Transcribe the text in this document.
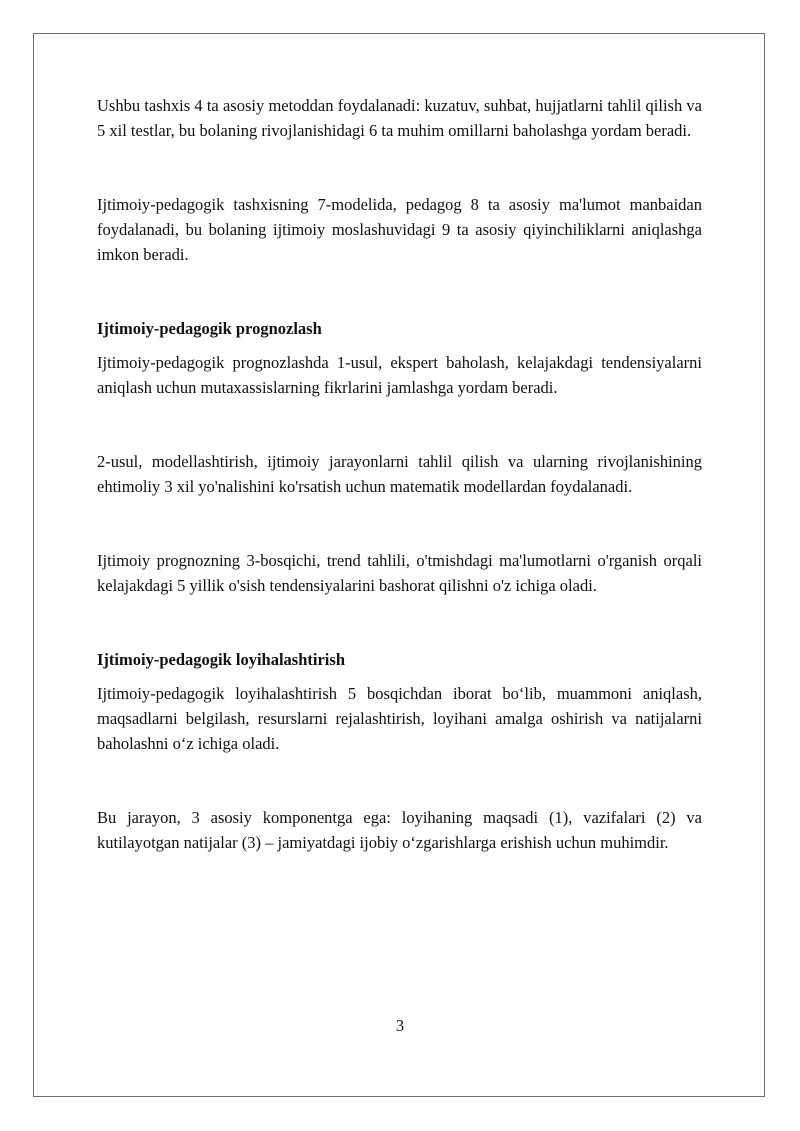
Ushbu tashxis 4 ta asosiy metoddan foydalanadi: kuzatuv, suhbat, hujjatlarni tahlil qilish va 5 xil testlar, bu bolaning rivojlanishidagi 6 ta muhim omillarni baholashga yordam beradi.

Ijtimoiy-pedagogik tashxisning 7-modelida, pedagog 8 ta asosiy ma'lumot manbaidan foydalanadi, bu bolaning ijtimoiy moslashuvidagi 9 ta asosiy qiyinchiliklarni aniqlashga imkon beradi.

Ijtimoiy-pedagogik prognozlash

Ijtimoiy-pedagogik prognozlashda 1-usul, ekspert baholash, kelajakdagi tendensiyalarni aniqlash uchun mutaxassislarning fikrlarini jamlashga yordam beradi.

2-usul, modellashtirish, ijtimoiy jarayonlarni tahlil qilish va ularning rivojlanishining ehtimoliy 3 xil yo'nalishini ko'rsatish uchun matematik modellardan foydalanadi.

Ijtimoiy prognozning 3-bosqichi, trend tahlili, o'tmishdagi ma'lumotlarni o'rganish orqali kelajakdagi 5 yillik o'sish tendensiyalarini bashorat qilishni o'z ichiga oladi.

Ijtimoiy-pedagogik loyihalashtirish

Ijtimoiy-pedagogik loyihalashtirish 5 bosqichdan iborat bo‘lib, muammoni aniqlash, maqsadlarni belgilash, resurslarni rejalashtirish, loyihani amalga oshirish va natijalarni baholashni o‘z ichiga oladi.

Bu jarayon, 3 asosiy komponentga ega: loyihaning maqsadi (1), vazifalari (2) va kutilayotgan natijalar (3) – jamiyatdagi ijobiy o‘zgarishlarga erishish uchun muhimdir.

3
